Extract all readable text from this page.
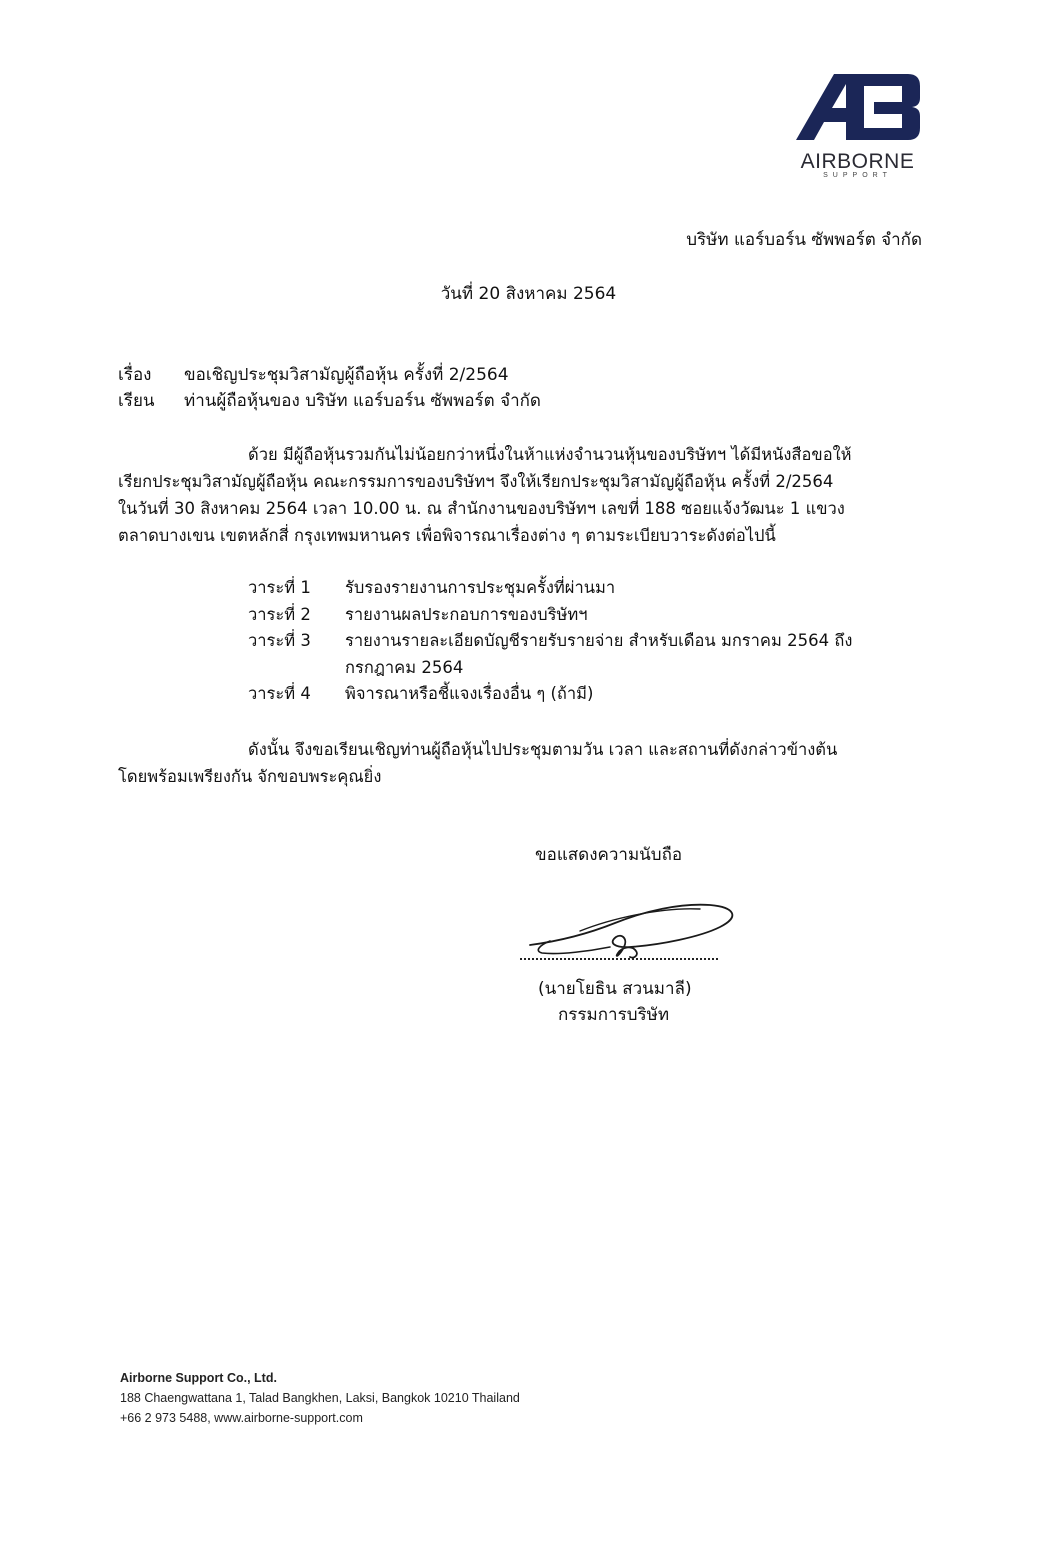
AIRBORNE
SUPPORT
บริษัท แอร์บอร์น ซัพพอร์ต จำกัด
วันที่ 20 สิงหาคม 2564
เรื่อง ขอเชิญประชุมวิสามัญผู้ถือหุ้น ครั้งที่ 2/2564
เรียน ท่านผู้ถือหุ้นของ บริษัท แอร์บอร์น ซัพพอร์ต จำกัด
ด้วย มีผู้ถือหุ้นรวมกันไม่น้อยกว่าหนึ่งในห้าแห่งจำนวนหุ้นของบริษัทฯ ได้มีหนังสือขอให้
เรียกประชุมวิสามัญผู้ถือหุ้น คณะกรรมการของบริษัทฯ จึงให้เรียกประชุมวิสามัญผู้ถือหุ้น ครั้งที่ 2/2564
ในวันที่ 30 สิงหาคม 2564 เวลา 10.00 น. ณ สำนักงานของบริษัทฯ เลขที่ 188 ซอยแจ้งวัฒนะ 1 แขวง
ตลาดบางเขน เขตหลักสี่ กรุงเทพมหานคร เพื่อพิจารณาเรื่องต่าง ๆ ตามระเบียบวาระดังต่อไปนี้
วาระที่ 1	รับรองรายงานการประชุมครั้งที่ผ่านมา
วาระที่ 2	รายงานผลประกอบการของบริษัทฯ
วาระที่ 3	รายงานรายละเอียดบัญชีรายรับรายจ่าย สำหรับเดือน มกราคม 2564 ถึง
กรกฎาคม 2564
วาระที่ 4	พิจารณาหรือชี้แจงเรื่องอื่น ๆ (ถ้ามี)
ดังนั้น จึงขอเรียนเชิญท่านผู้ถือหุ้นไปประชุมตามวัน เวลา และสถานที่ดังกล่าวข้างต้น
โดยพร้อมเพรียงกัน จักขอบพระคุณยิ่ง
ขอแสดงความนับถือ
(นายโยธิน สวนมาลี)
กรรมการบริษัท
Airborne Support Co., Ltd.
188 Chaengwattana 1, Talad Bangkhen, Laksi, Bangkok 10210 Thailand
+66 2 973 5488, www.airborne-support.com
